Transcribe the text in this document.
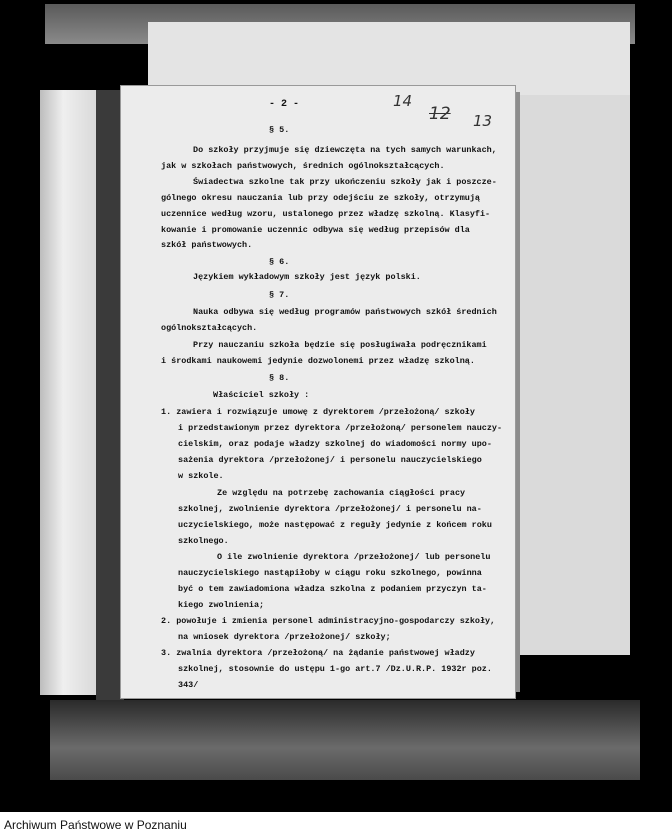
- 2 -	14
12 13
§ 5.
Do szkoły przyjmuje się dziewczęta na tych samych warunkach,
jak w szkołach państwowych, średnich ogólnokształcących.
Świadectwa szkolne tak przy ukończeniu szkoły jak i poszcze-
gólnego okresu nauczania lub przy odejściu ze szkoły, otrzymują
uczennice według wzoru, ustalonego przez władzę szkolną. Klasyfi-
kowanie i promowanie uczennic odbywa się według przepisów dla
szkół państwowych.
§ 6.
Językiem wykładowym szkoły jest język polski.
§ 7.
Nauka odbywa się według programów państwowych szkół średnich
ogólnokształcących.
Przy nauczaniu szkoła będzie się posługiwała podręcznikami
i środkami naukowemi jedynie dozwolonemi przez władzę szkolną.
§ 8.
Właściciel szkoły :
1. zawiera i rozwiązuje umowę z dyrektorem /przełożoną/ szkoły
i przedstawionym przez dyrektora /przełożoną/ personelem nauczy-
cielskim, oraz podaje władzy szkolnej do wiadomości normy upo-
sażenia dyrektora /przełożonej/ i personelu nauczycielskiego
w szkole.
Ze względu na potrzebę zachowania ciągłości pracy
szkolnej, zwolnienie dyrektora /przełożonej/ i personelu na-
uczycielskiego, może następować z reguły jedynie z końcem roku
szkolnego.
O ile zwolnienie dyrektora /przełożonej/ lub personelu
nauczycielskiego nastąpiłoby w ciągu roku szkolnego, powinna
być o tem zawiadomiona władza szkolna z podaniem przyczyn ta-
kiego zwolnienia;
2. powołuje i zmienia personel administracyjno-gospodarczy szkoły,
na wniosek dyrektora /przełożonej/ szkoły;
3. zwalnia dyrektora /przełożoną/ na żądanie państwowej władzy
szkolnej, stosownie do ustępu 1-go art.7 /Dz.U.R.P. 1932r poz.
343/
Archiwum Państwowe w Poznaniu
